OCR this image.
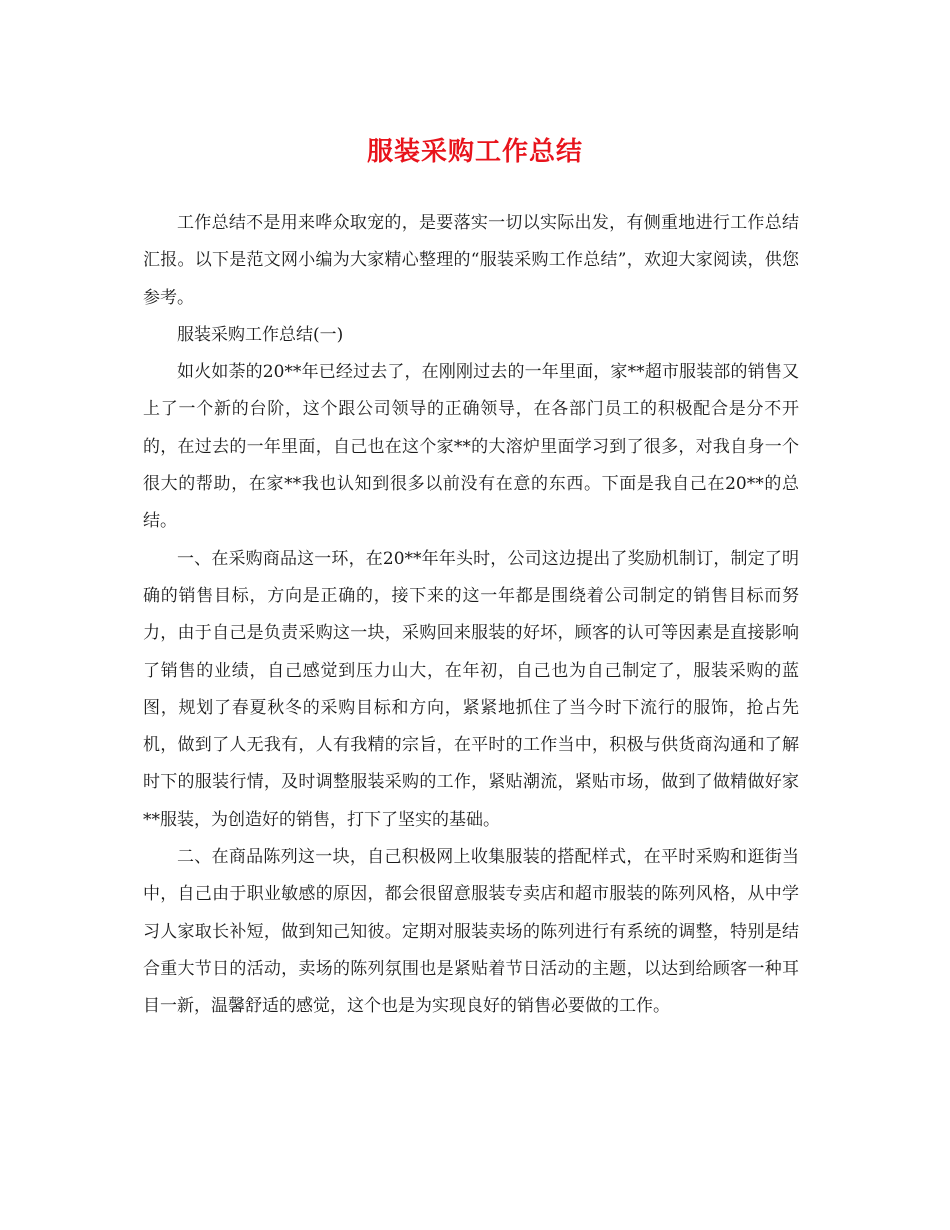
服装采购工作总结

工作总结不是用来哗众取宠的，是要落实一切以实际出发，有侧重地进行工作总结汇报。以下是范文网小编为大家精心整理的“服装采购工作总结”，欢迎大家阅读，供您参考。

服装采购工作总结(一)

如火如荼的20**年已经过去了，在刚刚过去的一年里面，家**超市服装部的销售又上了一个新的台阶，这个跟公司领导的正确领导，在各部门员工的积极配合是分不开的，在过去的一年里面，自己也在这个家**的大溶炉里面学习到了很多，对我自身一个很大的帮助，在家**我也认知到很多以前没有在意的东西。下面是我自己在20**的总结。

一、在采购商品这一环，在20**年年头时，公司这边提出了奖励机制订，制定了明确的销售目标，方向是正确的，接下来的这一年都是围绕着公司制定的销售目标而努力，由于自己是负责采购这一块，采购回来服装的好坏，顾客的认可等因素是直接影响了销售的业绩，自己感觉到压力山大，在年初，自己也为自己制定了，服装采购的蓝图，规划了春夏秋冬的采购目标和方向，紧紧地抓住了当今时下流行的服饰，抢占先机，做到了人无我有，人有我精的宗旨，在平时的工作当中，积极与供货商沟通和了解时下的服装行情，及时调整服装采购的工作，紧贴潮流，紧贴市场，做到了做精做好家**服装，为创造好的销售，打下了坚实的基础。

二、在商品陈列这一块，自己积极网上收集服装的搭配样式，在平时采购和逛街当中，自己由于职业敏感的原因，都会很留意服装专卖店和超市服装的陈列风格，从中学习人家取长补短，做到知己知彼。定期对服装卖场的陈列进行有系统的调整，特别是结合重大节日的活动，卖场的陈列氛围也是紧贴着节日活动的主题，以达到给顾客一种耳目一新，温馨舒适的感觉，这个也是为实现良好的销售必要做的工作。
